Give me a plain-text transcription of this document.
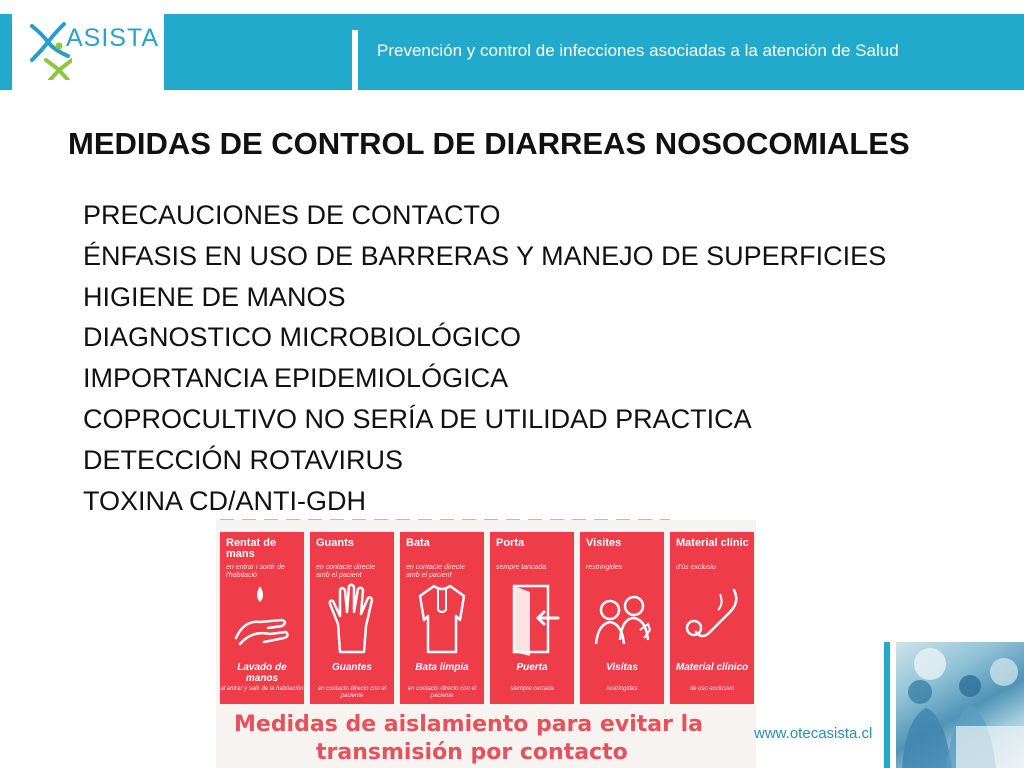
ASISTA	Prevención y control de infecciones asociadas a la atención de Salud
MEDIDAS DE CONTROL DE DIARREAS NOSOCOMIALES
PRECAUCIONES DE CONTACTO
ÉNFASIS EN USO DE BARRERAS Y MANEJO DE SUPERFICIES
HIGIENE DE MANOS
DIAGNOSTICO MICROBIOLÓGICO
IMPORTANCIA EPIDEMIOLÓGICA
COPROCULTIVO NO SERÍA DE UTILIDAD PRACTICA
DETECCIÓN ROTAVIRUS
TOXINA CD/ANTI-GDH
Rentat de mans
en entrar i sortir de l'habitació
Lavado de manos
al entrar y salir de la habitación
Guants
en contacte directe amb el pacient
Guantes
en contacto directo con el paciente
Bata
en contacte directe amb el pacient
Bata limpia
en contacto directo con el paciente
Porta
sempre tancada
Puerta
siempre cerrada
Visites
restringides
Visitas
restringidas
Material clínic
d'ús exclusiu
Material clínico
de uso exclusivo
Medidas de aislamiento para evitar la
transmisión por contacto
www.otecasista.cl
